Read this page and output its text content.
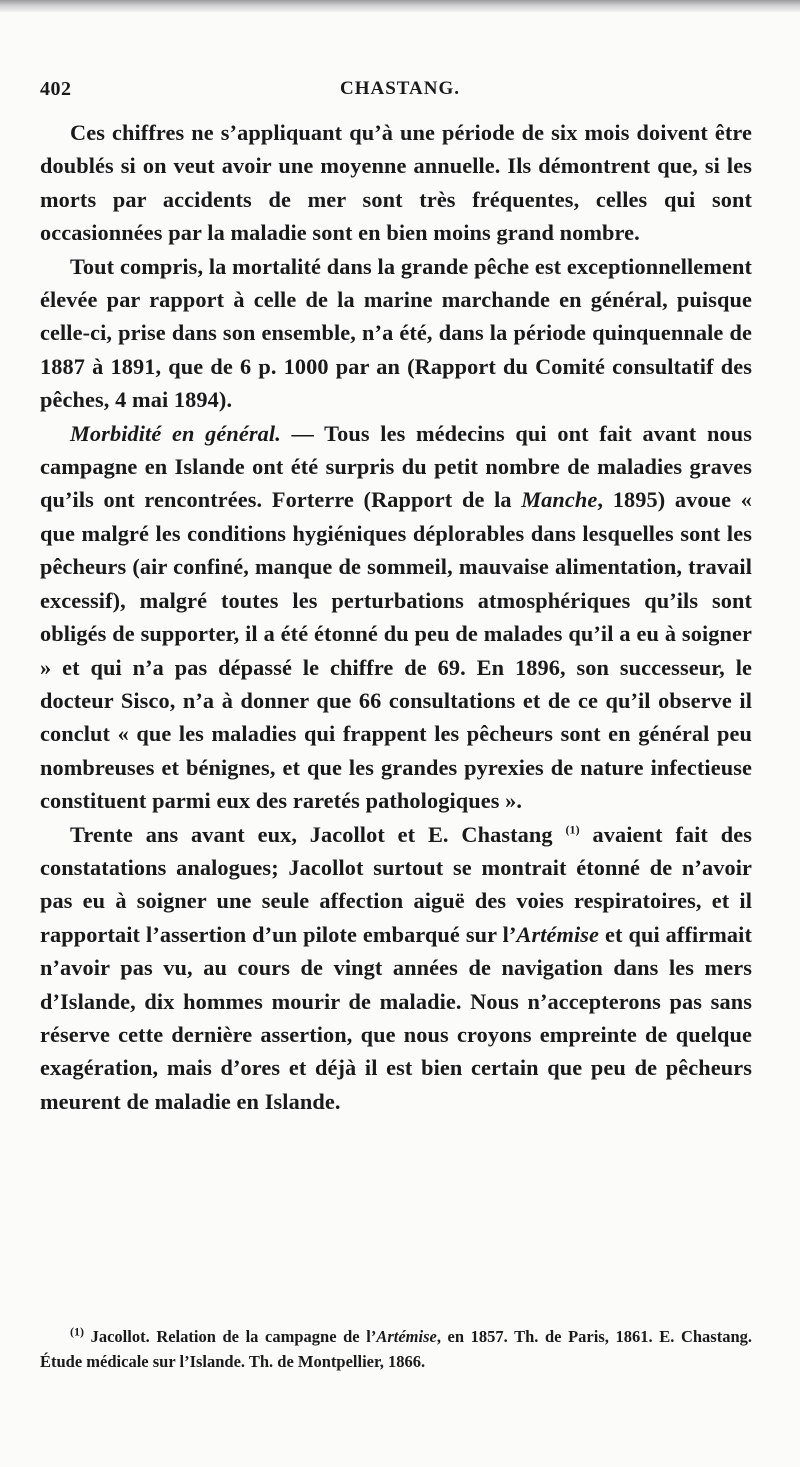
402	CHASTANG.

Ces chiffres ne s’appliquant qu’à une période de six mois doivent être doublés si on veut avoir une moyenne annuelle. Ils démontrent que, si les morts par accidents de mer sont très fréquentes, celles qui sont occasionnées par la maladie sont en bien moins grand nombre.

Tout compris, la mortalité dans la grande pêche est exceptionnellement élevée par rapport à celle de la marine marchande en général, puisque celle-ci, prise dans son ensemble, n’a été, dans la période quinquennale de 1887 à 1891, que de 6 p. 1000 par an (Rapport du Comité consultatif des pêches, 4 mai 1894).

Morbidité en général. — Tous les médecins qui ont fait avant nous campagne en Islande ont été surpris du petit nombre de maladies graves qu’ils ont rencontrées. Forterre (Rapport de la Manche, 1895) avoue « que malgré les conditions hygiéniques déplorables dans lesquelles sont les pêcheurs (air confiné, manque de sommeil, mauvaise alimentation, travail excessif), malgré toutes les perturbations atmosphériques qu’ils sont obligés de supporter, il a été étonné du peu de malades qu’il a eu à soigner » et qui n’a pas dépassé le chiffre de 69. En 1896, son successeur, le docteur Sisco, n’a à donner que 66 consultations et de ce qu’il observe il conclut « que les maladies qui frappent les pêcheurs sont en général peu nombreuses et bénignes, et que les grandes pyrexies de nature infectieuse constituent parmi eux des raretés pathologiques ».

Trente ans avant eux, Jacollot et E. Chastang $^{(1)}$ avaient fait des constatations analogues; Jacollot surtout se montrait étonné de n’avoir pas eu à soigner une seule affection aiguë des voies respiratoires, et il rapportait l’assertion d’un pilote embarqué sur l’Artémise et qui affirmait n’avoir pas vu, au cours de vingt années de navigation dans les mers d’Islande, dix hommes mourir de maladie. Nous n’accepterons pas sans réserve cette dernière assertion, que nous croyons empreinte de quelque exagération, mais d’ores et déjà il est bien certain que peu de pêcheurs meurent de maladie en Islande.

$^{(1)}$ Jacollot. Relation de la campagne de l’Artémise, en 1857. Th. de Paris, 1861. E. Chastang. Étude médicale sur l’Islande. Th. de Montpellier, 1866.
